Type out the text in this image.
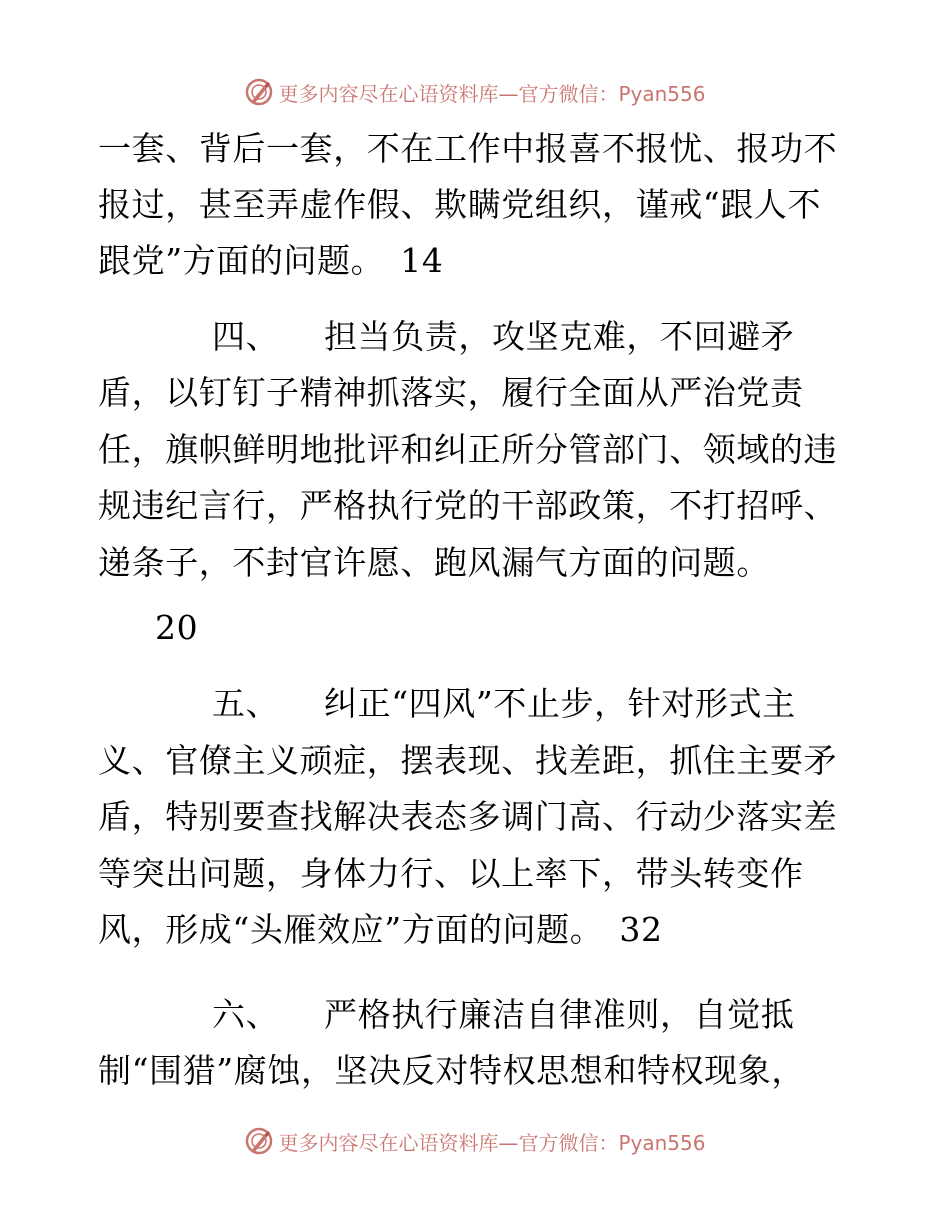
更多内容尽在心语资料库—官方微信：Pyan556
一套、背后一套，不在工作中报喜不报忧、报功不
报过，甚至弄虚作假、欺瞒党组织，谨戒“跟人不
跟党”方面的问题。 14
四、 担当负责，攻坚克难，不回避矛
盾，以钉钉子精神抓落实，履行全面从严治党责
任，旗帜鲜明地批评和纠正所分管部门、领域的违
规违纪言行，严格执行党的干部政策，不打招呼、
递条子，不封官许愿、跑风漏气方面的问题。
20
五、 纠正“四风”不止步，针对形式主
义、官僚主义顽症，摆表现、找差距，抓住主要矛
盾，特别要查找解决表态多调门高、行动少落实差
等突出问题，身体力行、以上率下，带头转变作
风，形成“头雁效应”方面的问题。 32
六、 严格执行廉洁自律准则，自觉抵
制“围猎”腐蚀，坚决反对特权思想和特权现象，
更多内容尽在心语资料库—官方微信：Pyan556
